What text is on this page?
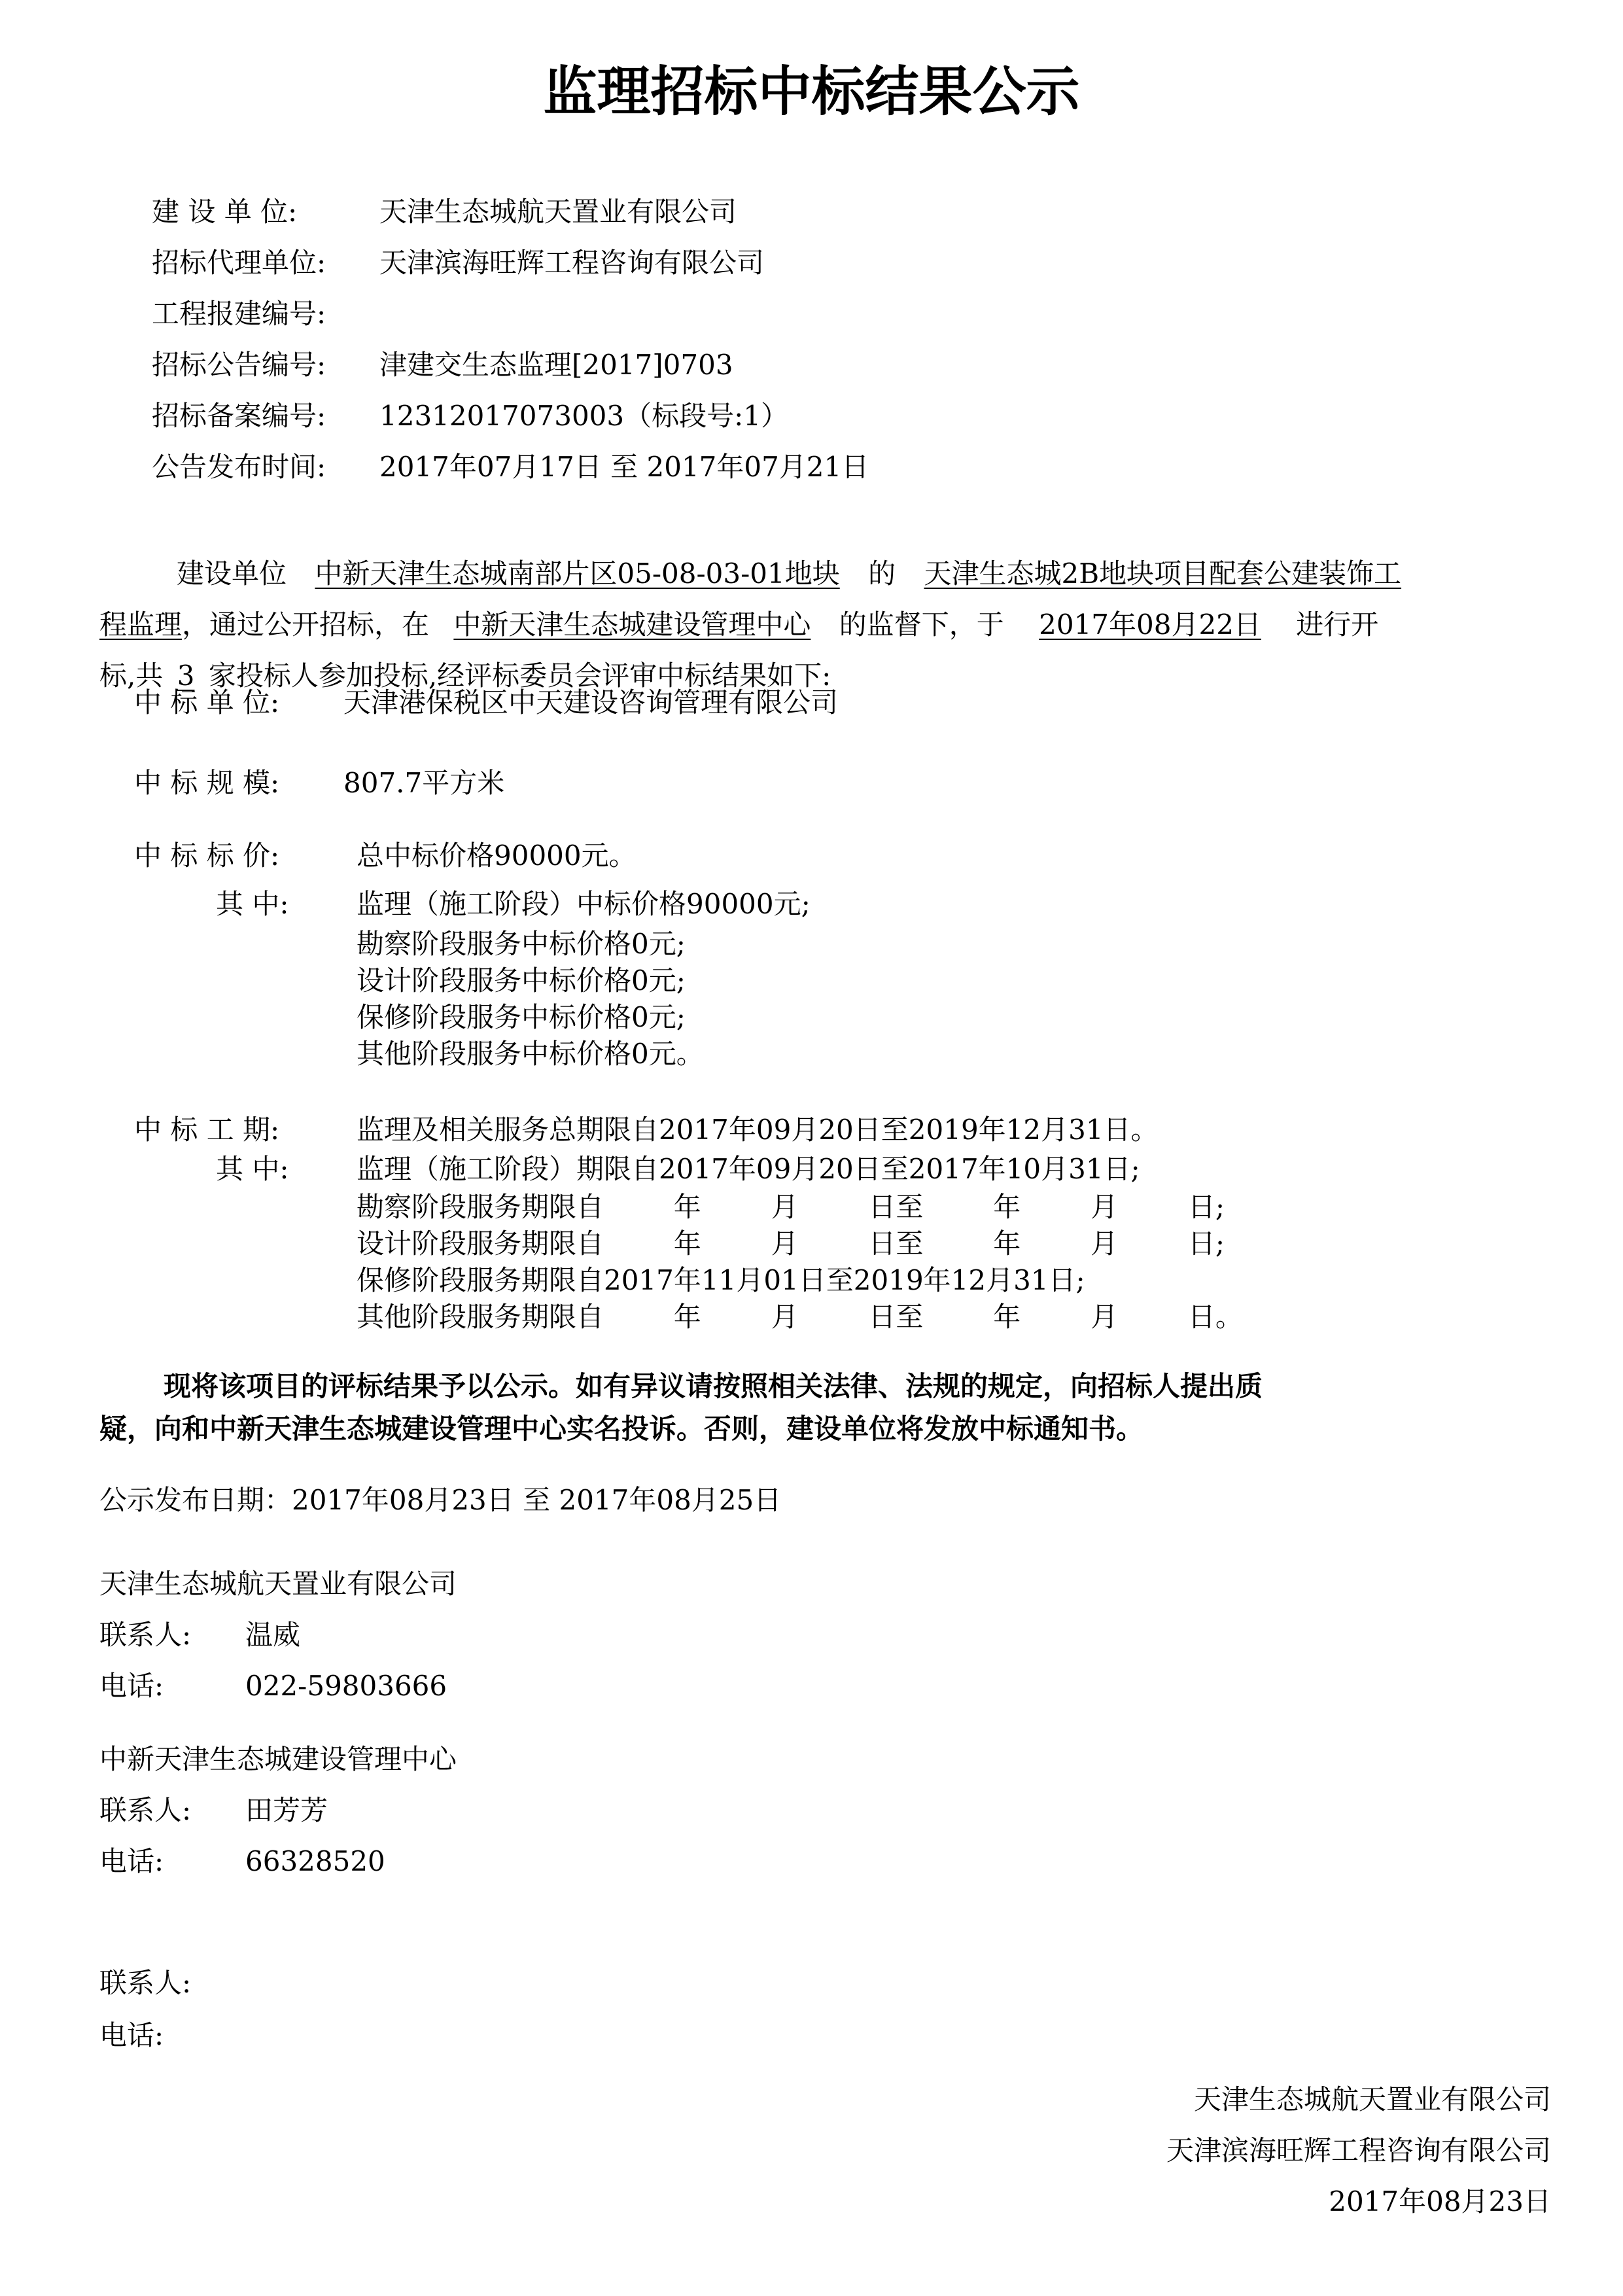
监理招标中标结果公示
建 设 单 位:	天津生态城航天置业有限公司
招标代理单位: 天津滨海旺辉工程咨询有限公司
工程报建编号:
招标公告编号: 津建交生态监理[2017]0703
招标备案编号: 12312017073003（标段号:1）
公告发布时间: 2017年07月17日 至 2017年07月21日
建设单位 中新天津生态城南部片区05-08-03-01地块 的 天津生态城2B地块项目配套公建装饰工
程监理，通过公开招标，在 中新天津生态城建设管理中心 的监督下，于 2017年08月22日 进行开
标,共 3 家投标人参加投标,经评标委员会评审中标结果如下:
中 标 单 位: 天津港保税区中天建设咨询管理有限公司
中 标 规 模: 807.7平方米
中 标 标 价:	总中标价格90000元。
其 中: 监理（施工阶段）中标价格90000元;
勘察阶段服务中标价格0元;
设计阶段服务中标价格0元;
保修阶段服务中标价格0元;
其他阶段服务中标价格0元。
中 标 工 期:	监理及相关服务总期限自2017年09月20日至2019年12月31日。
其 中: 监理（施工阶段）期限自2017年09月20日至2017年10月31日;
勘察阶段服务期限自        年        月        日至        年        月        日;
设计阶段服务期限自        年        月        日至        年        月        日;
保修阶段服务期限自2017年11月01日至2019年12月31日;
其他阶段服务期限自        年        月        日至        年        月        日。
现将该项目的评标结果予以公示。如有异议请按照相关法律、法规的规定，向招标人提出质
疑，向和中新天津生态城建设管理中心实名投诉。否则，建设单位将发放中标通知书。
公示发布日期：2017年08月23日 至 2017年08月25日
天津生态城航天置业有限公司
联系人: 温威
电话:	022-59803666
中新天津生态城建设管理中心
联系人: 田芳芳
电话:	66328520
联系人:
电话:
天津生态城航天置业有限公司
天津滨海旺辉工程咨询有限公司
2017年08月23日
